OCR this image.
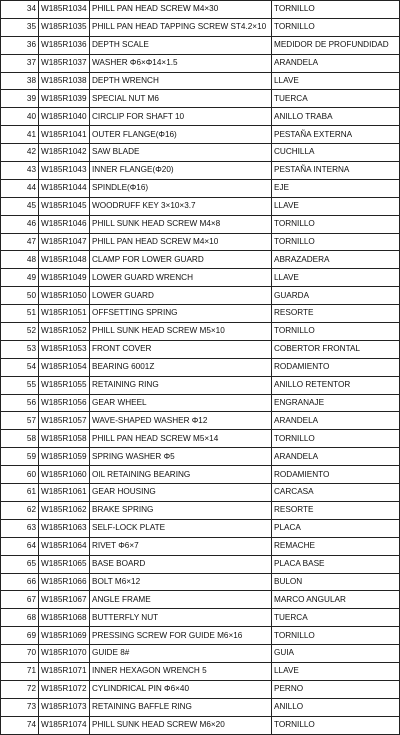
34	W185R1034	PHILL PAN HEAD SCREW M4×30	TORNILLO
35	W185R1035	PHILL PAN HEAD TAPPING SCREW ST4.2×10	TORNILLO
36	W185R1036	DEPTH SCALE	MEDIDOR DE PROFUNDIDAD
37	W185R1037	WASHER Φ6×Φ14×1.5	ARANDELA
38	W185R1038	DEPTH WRENCH	LLAVE
39	W185R1039	SPECIAL NUT M6	TUERCA
40	W185R1040	CIRCLIP FOR SHAFT 10	ANILLO TRABA
41	W185R1041	OUTER FLANGE(Φ16)	PESTAÑA EXTERNA
42	W185R1042	SAW BLADE	CUCHILLA
43	W185R1043	INNER FLANGE(Φ20)	PESTAÑA INTERNA
44	W185R1044	SPINDLE(Φ16)	EJE
45	W185R1045	WOODRUFF KEY 3×10×3.7	LLAVE
46	W185R1046	PHILL SUNK HEAD SCREW M4×8	TORNILLO
47	W185R1047	PHILL PAN HEAD SCREW M4×10	TORNILLO
48	W185R1048	CLAMP FOR LOWER GUARD	ABRAZADERA
49	W185R1049	LOWER GUARD WRENCH	LLAVE
50	W185R1050	LOWER GUARD	GUARDA
51	W185R1051	OFFSETTING SPRING	RESORTE
52	W185R1052	PHILL SUNK HEAD SCREW M5×10	TORNILLO
53	W185R1053	FRONT COVER	COBERTOR FRONTAL
54	W185R1054	BEARING 6001Z	RODAMIENTO
55	W185R1055	RETAINING RING	ANILLO RETENTOR
56	W185R1056	GEAR WHEEL	ENGRANAJE
57	W185R1057	WAVE-SHAPED WASHER Φ12	ARANDELA
58	W185R1058	PHILL PAN HEAD SCREW M5×14	TORNILLO
59	W185R1059	SPRING WASHER Φ5	ARANDELA
60	W185R1060	OIL RETAINING BEARING	RODAMIENTO
61	W185R1061	GEAR HOUSING	CARCASA
62	W185R1062	BRAKE SPRING	RESORTE
63	W185R1063	SELF-LOCK PLATE	PLACA
64	W185R1064	RIVET Φ6×7	REMACHE
65	W185R1065	BASE BOARD	PLACA BASE
66	W185R1066	BOLT M6×12	BULON
67	W185R1067	ANGLE FRAME	MARCO ANGULAR
68	W185R1068	BUTTERFLY NUT	TUERCA
69	W185R1069	PRESSING SCREW FOR GUIDE M6×16	TORNILLO
70	W185R1070	GUIDE 8#	GUIA
71	W185R1071	INNER HEXAGON WRENCH 5	LLAVE
72	W185R1072	CYLINDRICAL PIN Φ6×40	PERNO
73	W185R1073	RETAINING BAFFLE RING	ANILLO
74	W185R1074	PHILL SUNK HEAD SCREW M6×20	TORNILLO
